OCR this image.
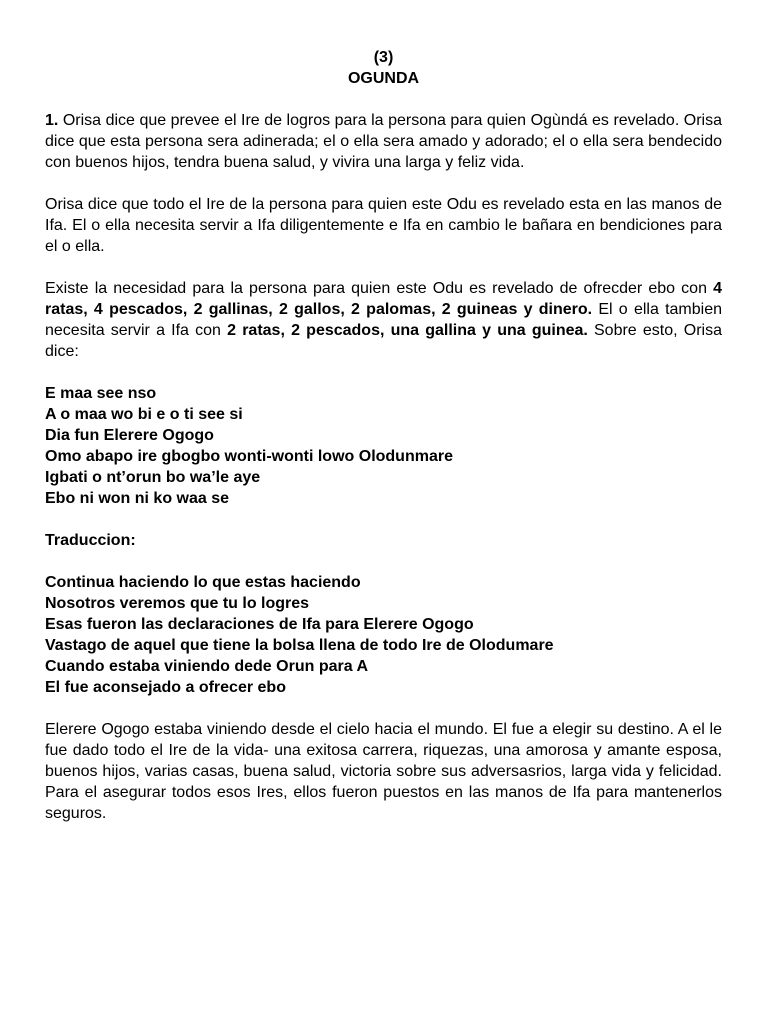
(3)
OGUNDA

1. Orisa dice que prevee el Ire de logros para la persona para quien Ogùndá es revelado. Orisa dice que esta persona sera adinerada; el o ella sera amado y adorado; el o ella sera bendecido con buenos hijos, tendra buena salud, y vivira una larga y feliz vida.

Orisa dice que todo el Ire de la persona para quien este Odu es revelado esta en las manos de Ifa. El o ella necesita servir a Ifa diligentemente e Ifa en cambio le bañara en bendiciones para el o ella.

Existe la necesidad para la persona para quien este Odu es revelado de ofrecder ebo con 4 ratas, 4 pescados, 2 gallinas, 2 gallos, 2 palomas, 2 guineas y dinero. El o ella tambien necesita servir a Ifa con 2 ratas, 2 pescados, una gallina y una guinea. Sobre esto, Orisa dice:

E maa see nso
A o maa wo bi e o ti see si
Dia fun Elerere Ogogo
Omo abapo ire gbogbo wonti-wonti lowo Olodunmare
Igbati o nt’orun bo wa’le aye
Ebo ni won ni ko waa se

Traduccion:

Continua haciendo lo que estas haciendo
Nosotros veremos que tu lo logres
Esas fueron las declaraciones de Ifa para Elerere Ogogo
Vastago de aquel que tiene la bolsa llena de todo Ire de Olodumare
Cuando estaba viniendo dede Orun para A
El fue aconsejado a ofrecer ebo

Elerere Ogogo estaba viniendo desde el cielo hacia el mundo. El fue a elegir su destino. A el le fue dado todo el Ire de la vida- una exitosa carrera, riquezas, una amorosa y amante esposa, buenos hijos, varias casas, buena salud, victoria sobre sus adversasrios, larga vida y felicidad. Para el asegurar todos esos Ires, ellos fueron puestos en las manos de Ifa para mantenerlos seguros.
